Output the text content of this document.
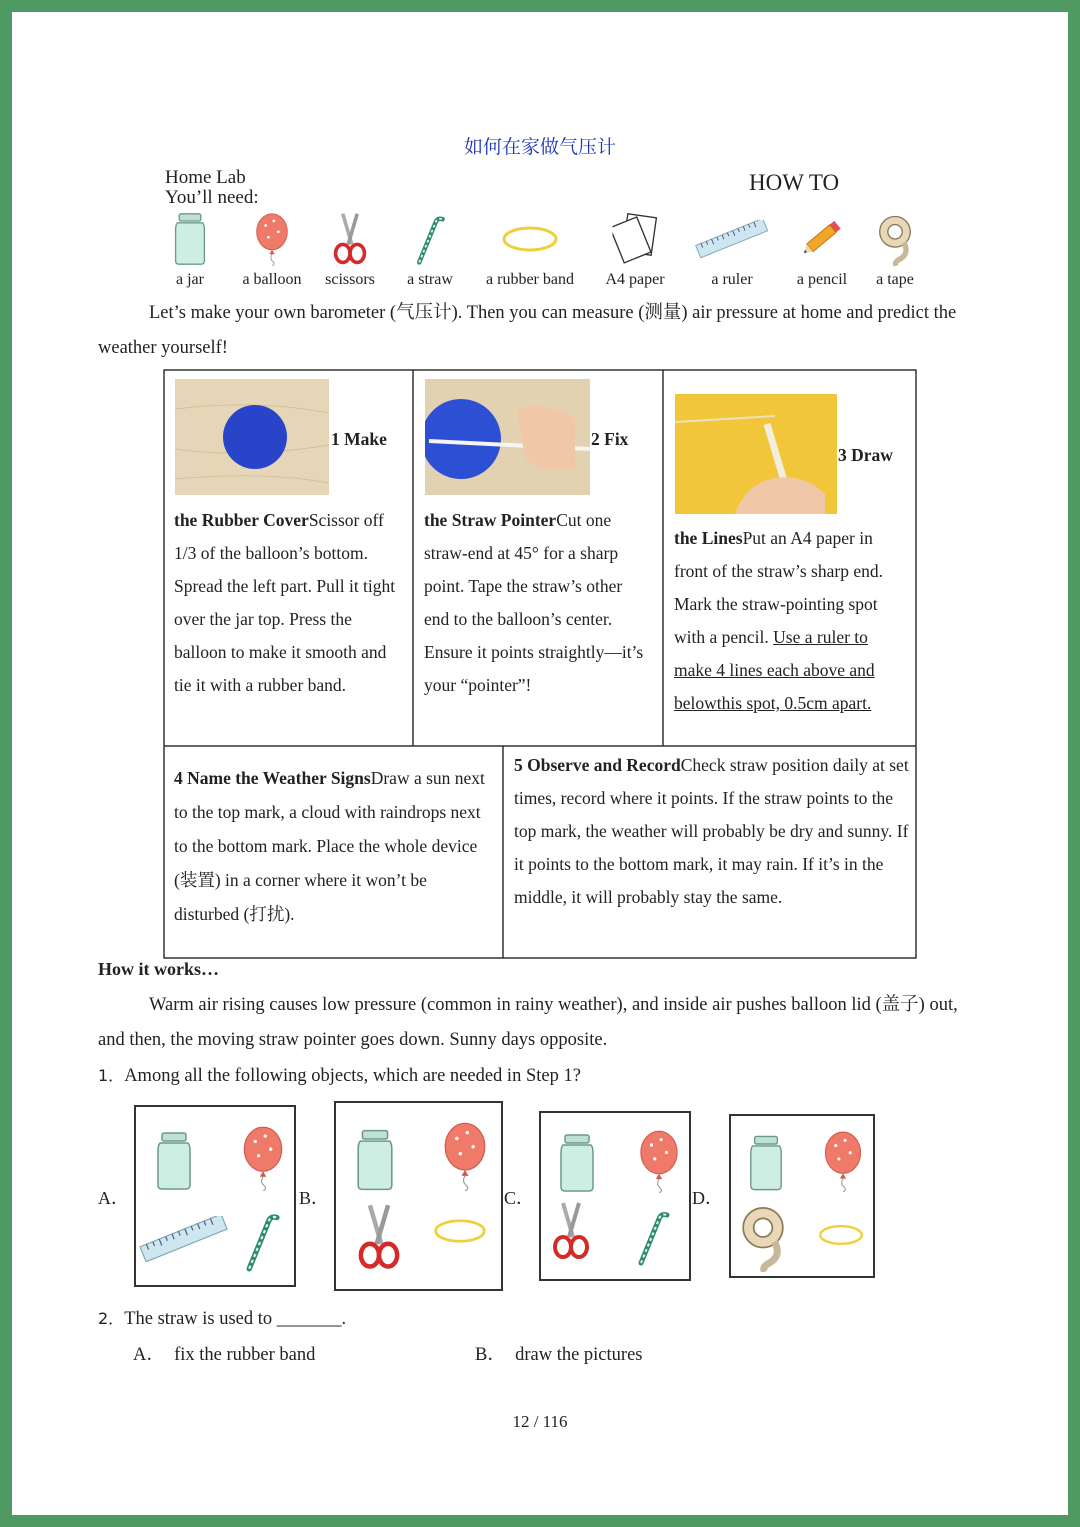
如何在家做气压计
Home Lab
You’ll need:
HOW TO
a jar a balloon scissors a straw a rubber band A4 paper	a ruler	a pencil	a tape
Let’s make your own barometer (气压计). Then you can measure (测量) air pressure at home and predict the
weather yourself!
1 Make
the Rubber CoverScissor off 1/3 of the balloon’s bottom. Spread the left part. Pull it tight over the jar top. Press the balloon to make it smooth and tie it with a rubber band.
2 Fix
the Straw PointerCut one straw-end at 45° for a sharp point. Tape the straw’s other end to the balloon’s center. Ensure it points straightly—it’s your “pointer”!
3 Draw
the LinesPut an A4 paper in front of the straw’s sharp end. Mark the straw-pointing spot with a pencil. Use a ruler to make 4 lines each above and belowthis spot, 0.5cm apart.
4 Name the Weather SignsDraw a sun next to the top mark, a cloud with raindrops next to the bottom mark. Place the whole device (装置) in a corner where it won’t be disturbed (打扰).
5 Observe and RecordCheck straw position daily at set times, record where it points. If the straw points to the top mark, the weather will probably be dry and sunny. If it points to the bottom mark, it may rain. If it’s in the middle, it will probably stay the same.
How it works…
Warm air rising causes low pressure (common in rainy weather), and inside air pushes balloon lid (盖子) out,
and then, the moving straw pointer goes down. Sunny days opposite.
1．Among all the following objects, which are needed in Step 1?
A．	B．	C．	D．
2．The straw is used to _______.
A．  fix the rubber band	B．  draw the pictures
12 / 116
